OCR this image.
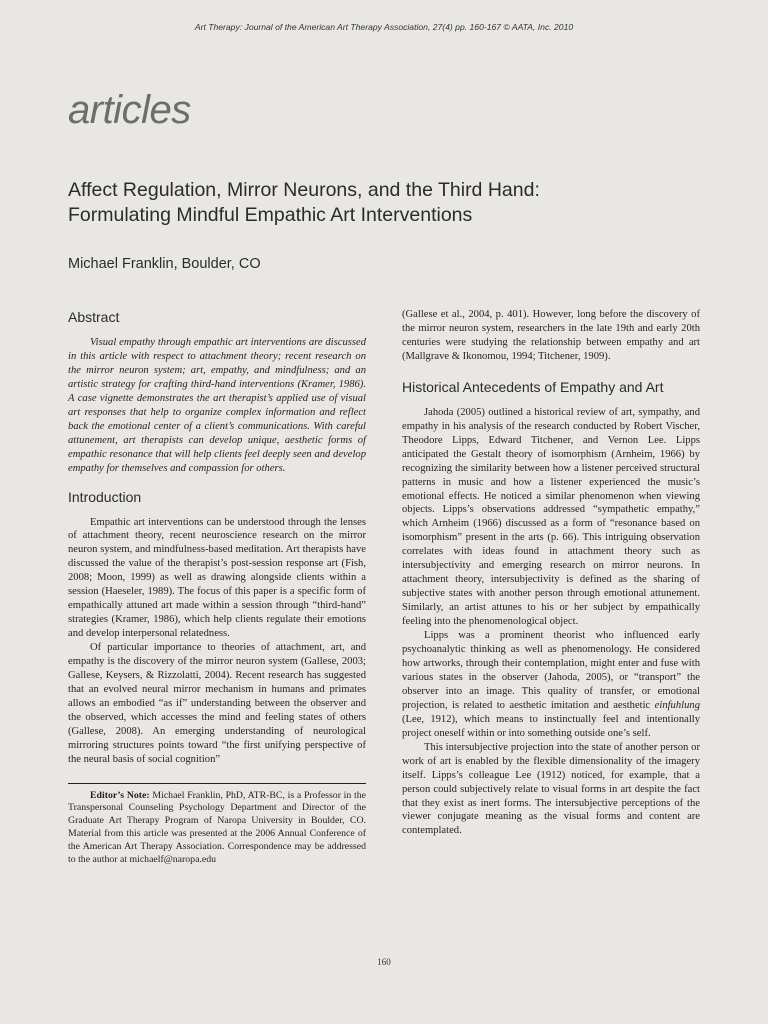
Art Therapy: Journal of the American Art Therapy Association, 27(4) pp. 160-167 © AATA, Inc. 2010
articles
Affect Regulation, Mirror Neurons, and the Third Hand:
Formulating Mindful Empathic Art Interventions
Michael Franklin, Boulder, CO
Abstract

Visual empathy through empathic art interventions are discussed in this article with respect to attachment theory; recent research on the mirror neuron system; art, empathy, and mindfulness; and an artistic strategy for crafting third-hand interventions (Kramer, 1986). A case vignette demonstrates the art therapist’s applied use of visual art responses that help to organize complex information and reflect back the emotional center of a client’s communications. With careful attunement, art therapists can develop unique, aesthetic forms of empathic resonance that will help clients feel deeply seen and develop empathy for themselves and compassion for others.

Introduction

Empathic art interventions can be understood through the lenses of attachment theory, recent neuroscience research on the mirror neuron system, and mindfulness-based meditation. Art therapists have discussed the value of the therapist’s post-session response art (Fish, 2008; Moon, 1999) as well as drawing alongside clients within a session (Haeseler, 1989). The focus of this paper is a specific form of empathically attuned art made within a session through “third-hand” strategies (Kramer, 1986), which help clients regulate their emotions and develop interpersonal relatedness.

Of particular importance to theories of attachment, art, and empathy is the discovery of the mirror neuron system (Gallese, 2003; Gallese, Keysers, & Rizzolatti, 2004). Recent research has suggested that an evolved neural mirror mechanism in humans and primates allows an embodied “as if” understanding between the observer and the observed, which accesses the mind and feeling states of others (Gallese, 2008). An emerging understanding of neurological mirroring structures points toward “the first unifying perspective of the neural basis of social cognition”

Editor’s Note: Michael Franklin, PhD, ATR-BC, is a Professor in the Transpersonal Counseling Psychology Department and Director of the Graduate Art Therapy Program of Naropa University in Boulder, CO. Material from this article was presented at the 2006 Annual Conference of the American Art Therapy Association. Correspondence may be addressed to the author at michaelf@naropa.edu

(Gallese et al., 2004, p. 401). However, long before the discovery of the mirror neuron system, researchers in the late 19th and early 20th centuries were studying the relationship between empathy and art (Mallgrave & Ikonomou, 1994; Titchener, 1909).

Historical Antecedents of Empathy and Art

Jahoda (2005) outlined a historical review of art, sympathy, and empathy in his analysis of the research conducted by Robert Vischer, Theodore Lipps, Edward Titchener, and Vernon Lee. Lipps anticipated the Gestalt theory of isomorphism (Arnheim, 1966) by recognizing the similarity between how a listener perceived structural patterns in music and how a listener experienced the music’s emotional effects. He noticed a similar phenomenon when viewing objects. Lipps’s observations addressed “sympathetic empathy,” which Arnheim (1966) discussed as a form of “resonance based on isomorphism” present in the arts (p. 66). This intriguing observation correlates with ideas found in attachment theory such as intersubjectivity and emerging research on mirror neurons. In attachment theory, intersubjectivity is defined as the sharing of subjective states with another person through emotional attunement. Similarly, an artist attunes to his or her subject by empathically feeling into the phenomenological object.

Lipps was a prominent theorist who influenced early psychoanalytic thinking as well as phenomenology. He considered how artworks, through their contemplation, might enter and fuse with various states in the observer (Jahoda, 2005), or “transport” the observer into an image. This quality of transfer, or emotional projection, is related to aesthetic imitation and aesthetic einfuhlung (Lee, 1912), which means to instinctually feel and intentionally project oneself within or into something outside one’s self.

This intersubjective projection into the state of another person or work of art is enabled by the flexible dimensionality of the imagery itself. Lipps’s colleague Lee (1912) noticed, for example, that a person could subjectively relate to visual forms in art despite the fact that they exist as inert forms. The intersubjective perceptions of the viewer conjugate meaning as the visual forms and content are contemplated.

160
